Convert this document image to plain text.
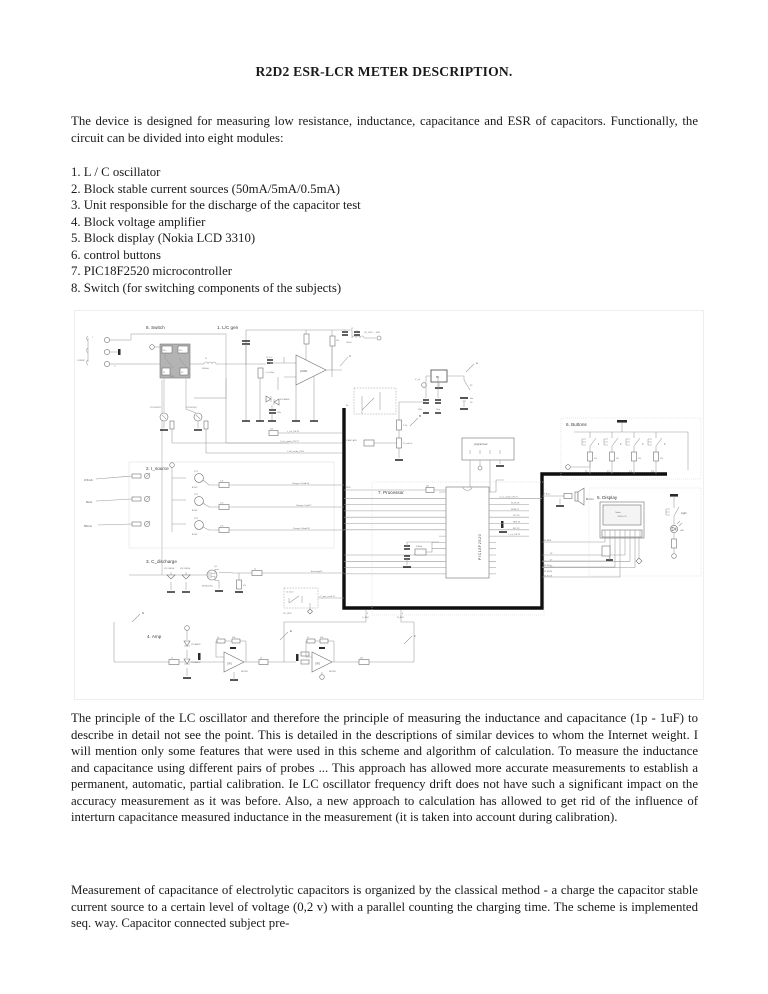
R2D2 ESR-LCR METER DESCRIPTION.
The device is designed for measuring low resistance, inductance, capacitance and ESR of capacitors. Functionally, the circuit can be divided into eight modules:
1. L / C oscillator
2. Block stable current sources (50mA/5mA/0.5mA)
3. Unit responsible for the discharge of the capacitor test
4. Block voltage amplifier
5. Block display (Nokia LCD 3310)
6. control buttons
7. PIC18F2520 microcontroller
8. Switch (for switching components of the subjects)
8. Switch
L
COMNC
C
K1a	K2a
K1	K2
PK-2
VT5 BC847	VT6 BC847
1. L/C gen
L1
50/80uH
C_cal 500p
C2 2.2u
10k
LM311
C
VD5 BAV99
100n
150
L_cal_ON 21
C+/-L_mode_ON 27
C+/R_mode_ON 5
L2
100uH
UC_VDD → VDD
B+
V_ref
8v
A
S1
Bat
9V
100n	100p
2 BAT_ADC
1.2k
R_stab 1k
B
programmer
7. Processor
VDD
10k
PIC18F2520
0.5MHz
C+/-L_mode_ON 27
SCLK 26
SDIN 25
D/C 24
RES 23
INC 22
L_cal_ON 21
7 Buzz
Buzzer
6. Buttons
1
51k
11
2
51k
12
3
51k
13
4
51k
23
5. Display
Nokia
3310 LCD
23 RES
18
17
24 D/C 16
25 SDIN
26 SCLK
Light
LED
2. I_source
0.5mA
VT1
BC847
2.2k
Charge i 0.5mA 16
5mA
VT2
BC847
2.2k
Charge i 5mA 17
50mA
VT3
BC847
2.2k
Charge i 50mA 18
3. C_discharge
VD1 1N4004	VD2 1N4004
Q1
IRLML2502	47k
1k
discharge15
C1 select
+C_gen_cond 14
UC_VDD	3
C_ADC
4
R_ADC
4. Amp
D
1k
VD3 BAV99
VD4 BAV99	OP1
MCP601
1k	6.8k
1k
E
OP2
MCP601
1k	6.8k
100
F
The principle of the LC oscillator and therefore the principle of measuring the inductance and capacitance (1p - 1uF) to describe in detail not see the point. This is detailed in the descriptions of similar devices to whom the Internet weight. I will mention only some features that were used in this scheme and algorithm of calculation. To measure the inductance and capacitance using different pairs of probes ... This approach has allowed more accurate measurements to establish a permanent, automatic, partial calibration. Ie LC oscillator frequency drift does not have such a significant impact on the accuracy measurement as it was before. Also, a new approach to calculation has allowed to get rid of the influence of interturn capacitance measured inductance in the measurement (it is taken into account during calibration).
Measurement of capacitance of electrolytic capacitors is organized by the classical method - a charge the capacitor stable current source to a certain level of voltage (0,2 v) with a parallel counting the charging time. The scheme is implemented seq. way. Capacitor connected subject pre-
